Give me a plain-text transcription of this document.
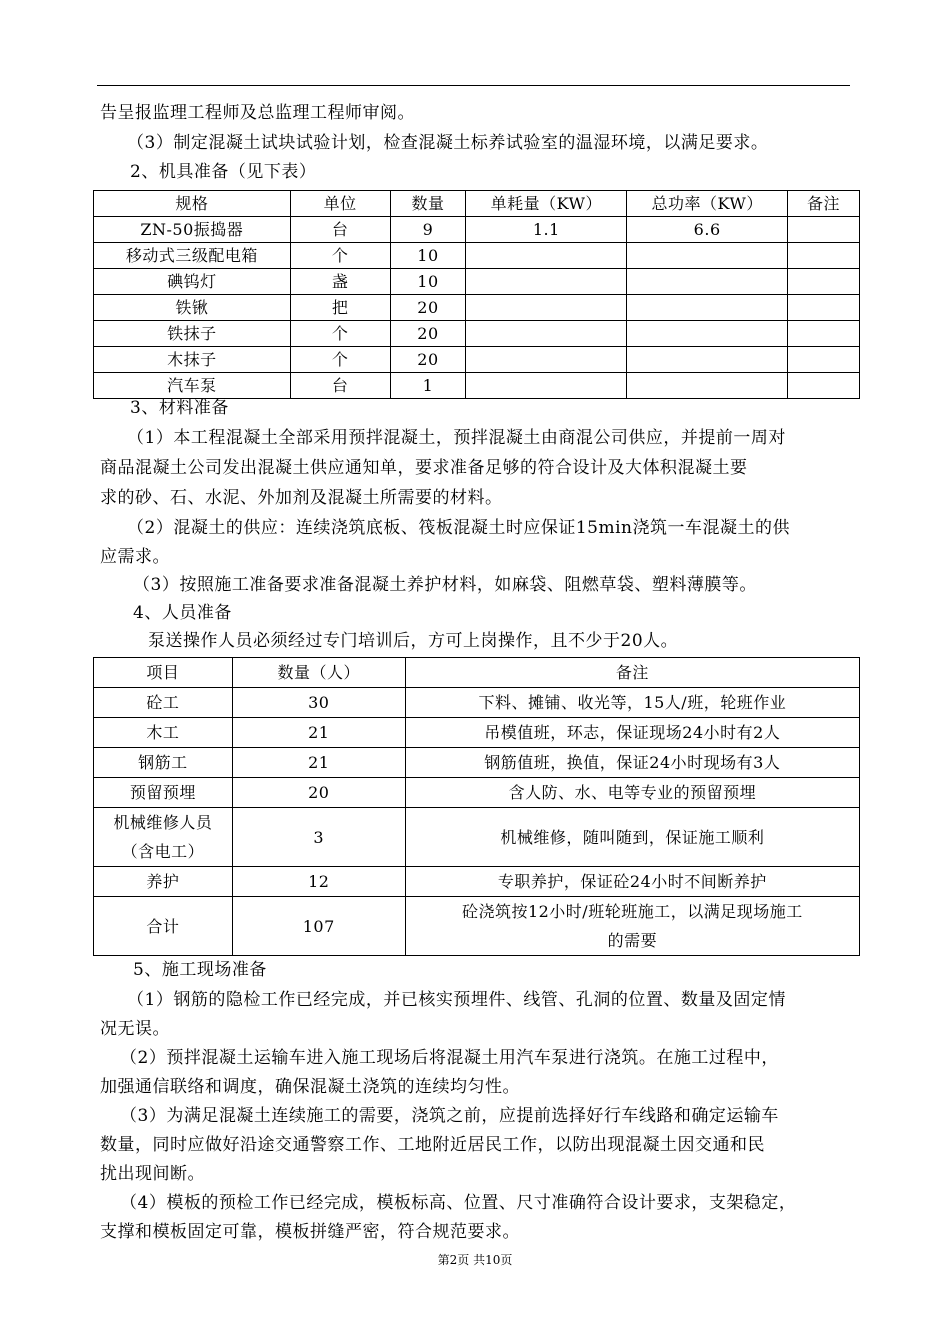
告呈报监理工程师及总监理工程师审阅。
（3）制定混凝土试块试验计划，检查混凝土标养试验室的温湿环境，以满足要求。
2、机具准备（见下表）
规格	单位	数量	单耗量（KW）	总功率（KW）	备注
ZN-50振捣器	台	9	1.1	6.6	
移动式三级配电箱	个	10			
碘钨灯	盏	10			
铁锹	把	20			
铁抹子	个	20			
木抹子	个	20			
汽车泵	台	1			
3、材料准备
（1）本工程混凝土全部采用预拌混凝土，预拌混凝土由商混公司供应，并提前一周对
商品混凝土公司发出混凝土供应通知单，要求准备足够的符合设计及大体积混凝土要
求的砂、石、水泥、外加剂及混凝土所需要的材料。
（2）混凝土的供应：连续浇筑底板、筏板混凝土时应保证15min浇筑一车混凝土的供
应需求。
（3）按照施工准备要求准备混凝土养护材料，如麻袋、阻燃草袋、塑料薄膜等。
4、人员准备
泵送操作人员必须经过专门培训后，方可上岗操作，且不少于20人。
项目	数量（人）	备注
砼工	30	下料、摊铺、收光等，15人/班，轮班作业
木工	21	吊模值班，环志，保证现场24小时有2人
钢筋工	21	钢筋值班，换值，保证24小时现场有3人
预留预埋	20	含人防、水、电等专业的预留预埋

机械维修人员
（含电工）	3	机械维修，随叫随到，保证施工顺利
养护	12	专职养护，保证砼24小时不间断养护
合计	107	砼浇筑按12小时/班轮班施工，以满足现场施工
的需要
5、施工现场准备
（1）钢筋的隐检工作已经完成，并已核实预埋件、线管、孔洞的位置、数量及固定情
况无误。
（2）预拌混凝土运输车进入施工现场后将混凝土用汽车泵进行浇筑。在施工过程中，
加强通信联络和调度，确保混凝土浇筑的连续均匀性。
（3）为满足混凝土连续施工的需要，浇筑之前，应提前选择好行车线路和确定运输车
数量，同时应做好沿途交通警察工作、工地附近居民工作，以防出现混凝土因交通和民
扰出现间断。
（4）模板的预检工作已经完成，模板标高、位置、尺寸准确符合设计要求，支架稳定，
支撑和模板固定可靠，模板拼缝严密，符合规范要求。
第2页 共10页
